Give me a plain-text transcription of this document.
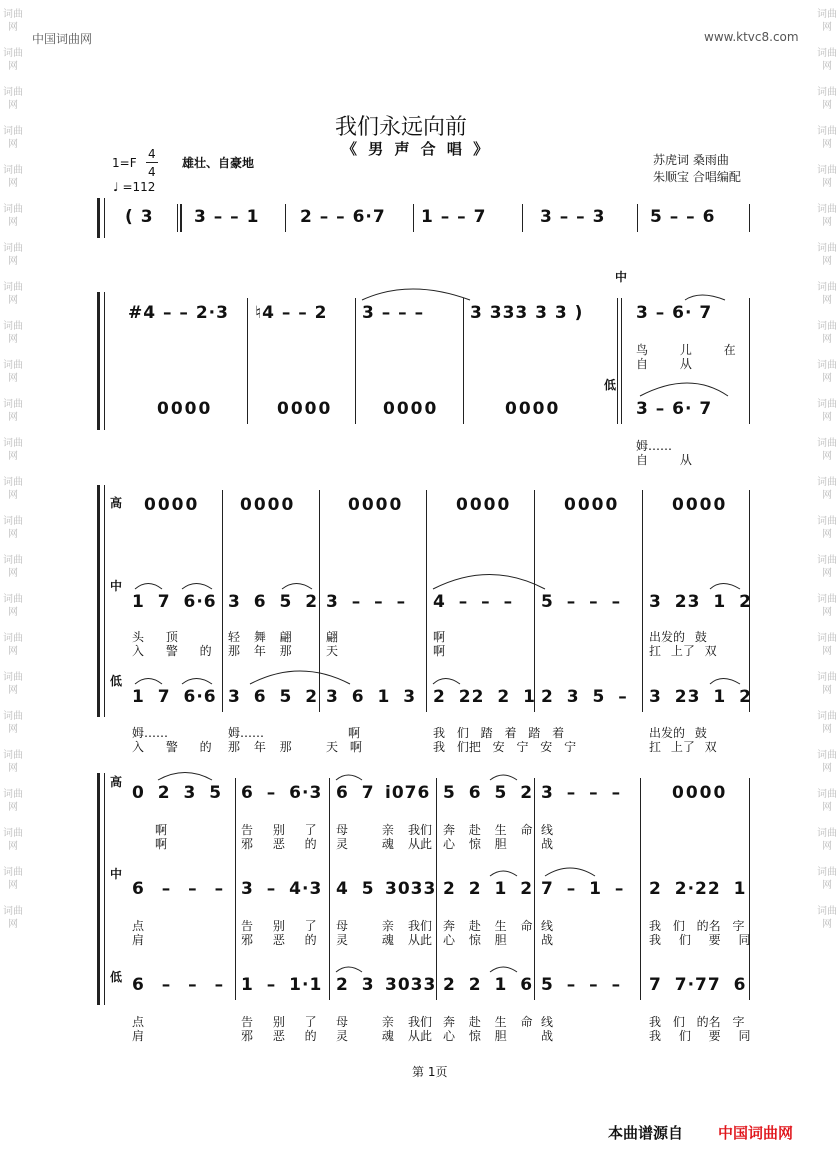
中国词曲网	www.ktvc8.com
词曲网

词曲网

词曲网

词曲网

词曲网

词曲网

词曲网

词曲网

词曲网

词曲网

词曲网

词曲网

词曲网

词曲网

词曲网

词曲网

词曲网

词曲网

词曲网

词曲网

词曲网

词曲网

词曲网

词曲网
词曲网

词曲网

词曲网

词曲网

词曲网

词曲网

词曲网

词曲网

词曲网

词曲网

词曲网

词曲网

词曲网

词曲网

词曲网

词曲网

词曲网

词曲网

词曲网

词曲网

词曲网

词曲网

词曲网

词曲网
我们永远向前
《 男 声 合 唱 》
1=F
4
4
♩ =112
雄壮、自豪地	苏虎词 桑雨曲
朱顺宝 合唱编配
( 3 3 – – 1 2 – – 6·7 1 – – 7	3 – – 3	5 – – 6
#4 – – 2·3 ♮4 – – 2 3 – – –	3 333 3 3 )
中
3 – 6· 7
鸟 儿 在
自 从
低
0000	0000	0000	0000	3 – 6· 7
姆……
自 从
高 0000 0000	0000	0000	0000	0000
中
1 7 6·6 3 6 5 2 3 – – – 4 – – – 5 – – – 3 23 1 2
头 顶	轻 舞 翩	翩	啊	出发的 鼓
入 警 的 那 年 那	天	啊	扛 上了 双
低
1 7 6·6 3 6 5 2 3 6 1 3 2 22 2 1 2 3 5 – 3 23 1 2
姆……	姆……	啊	我 们 踏 着 踏 着	出发的 鼓
入 警 的 那 年 那	天 啊	我 们把 安 宁 安 宁	扛 上了 双
高
0 2 3 5 6 – 6·3 6 7 i076 5 6 5 2 3 – – –	0000
啊	告 别 了 母 亲 我们 奔 赴 生 命 线
啊	邪 恶 的 灵 魂 从此 心 惊 胆	战
中
6 – – – 3 – 4·3 4 5 3033 2 2 1 2 7 – 1 – 2 2·22 1
点	告 别 了 母 亲 我们 奔 赴 生 命 线	我 们 的名 字
肩	邪 恶 的 灵 魂 从此 心 惊 胆	战	我 们 要 同
低 6 – – – 1 – 1·1 2 3 3033 2 2 1 6 5 – – – 7 7·77 6
点	告 别 了 母 亲 我们 奔 赴 生 命 线	我 们 的名 字
肩	邪 恶 的 灵 魂 从此 心 惊 胆	战	我 们 要 同
第 1页
本曲谱源自 中国词曲网
